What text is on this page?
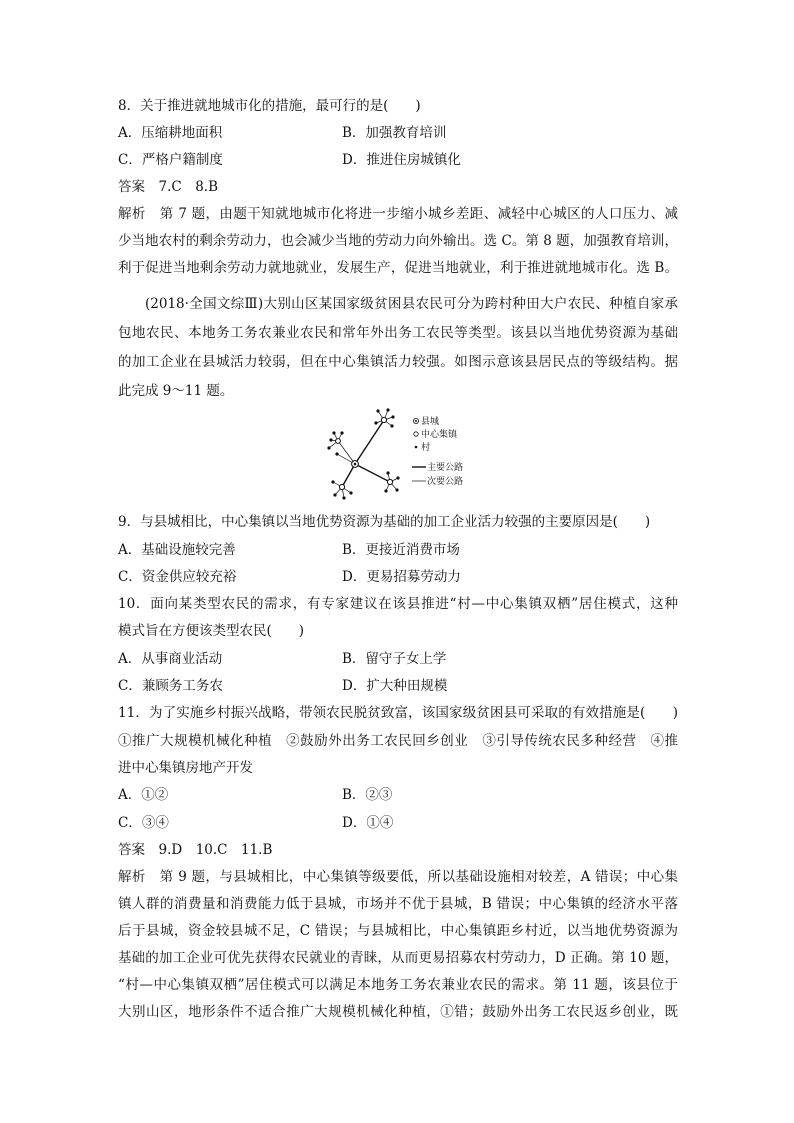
8．关于推进就地城市化的措施，最可行的是(　　)
A．压缩耕地面积	B．加强教育培训
C．严格户籍制度	D．推进住房城镇化
答案　7.C　8.B
解析　第 7 题，由题干知就地城市化将进一步缩小城乡差距、减轻中心城区的人口压力、减
少当地农村的剩余劳动力，也会减少当地的劳动力向外输出。选 C。第 8 题，加强教育培训，
利于促进当地剩余劳动力就地就业，发展生产，促进当地就业，利于推进就地城市化。选 B。
(2018·全国文综Ⅲ)大别山区某国家级贫困县农民可分为跨村种田大户农民、种植自家承
包地农民、本地务工务农兼业农民和常年外出务工农民等类型。该县以当地优势资源为基础
的加工企业在县城活力较弱，但在中心集镇活力较强。如图示意该县居民点的等级结构。据
此完成 9～11 题。
县城
中心集镇
村
主要公路
次要公路
9．与县城相比，中心集镇以当地优势资源为基础的加工企业活力较强的主要原因是(　　)
A．基础设施较完善	B．更接近消费市场
C．资金供应较充裕	D．更易招募劳动力
10．面向某类型农民的需求，有专家建议在该县推进“村—中心集镇双栖”居住模式，这种
模式旨在方便该类型农民(　　)
A．从事商业活动	B．留守子女上学
C．兼顾务工务农	D．扩大种田规模
11．为了实施乡村振兴战略，带领农民脱贫致富，该国家级贫困县可采取的有效措施是(　　)
①推广大规模机械化种植　②鼓励外出务工农民回乡创业　③引导传统农民多种经营　④推
进中心集镇房地产开发
A．①②	B．②③
C．③④	D．①④
答案　9.D　10.C　11.B
解析　第 9 题，与县城相比，中心集镇等级要低，所以基础设施相对较差，A 错误；中心集
镇人群的消费量和消费能力低于县城，市场并不优于县城，B 错误；中心集镇的经济水平落
后于县城，资金较县城不足，C 错误；与县城相比，中心集镇距乡村近，以当地优势资源为
基础的加工企业可优先获得农民就业的青睐，从而更易招募农村劳动力，D 正确。第 10 题，
“村—中心集镇双栖”居住模式可以满足本地务工务农兼业农民的需求。第 11 题，该县位于
大别山区，地形条件不适合推广大规模机械化种植，①错；鼓励外出务工农民返乡创业，既
